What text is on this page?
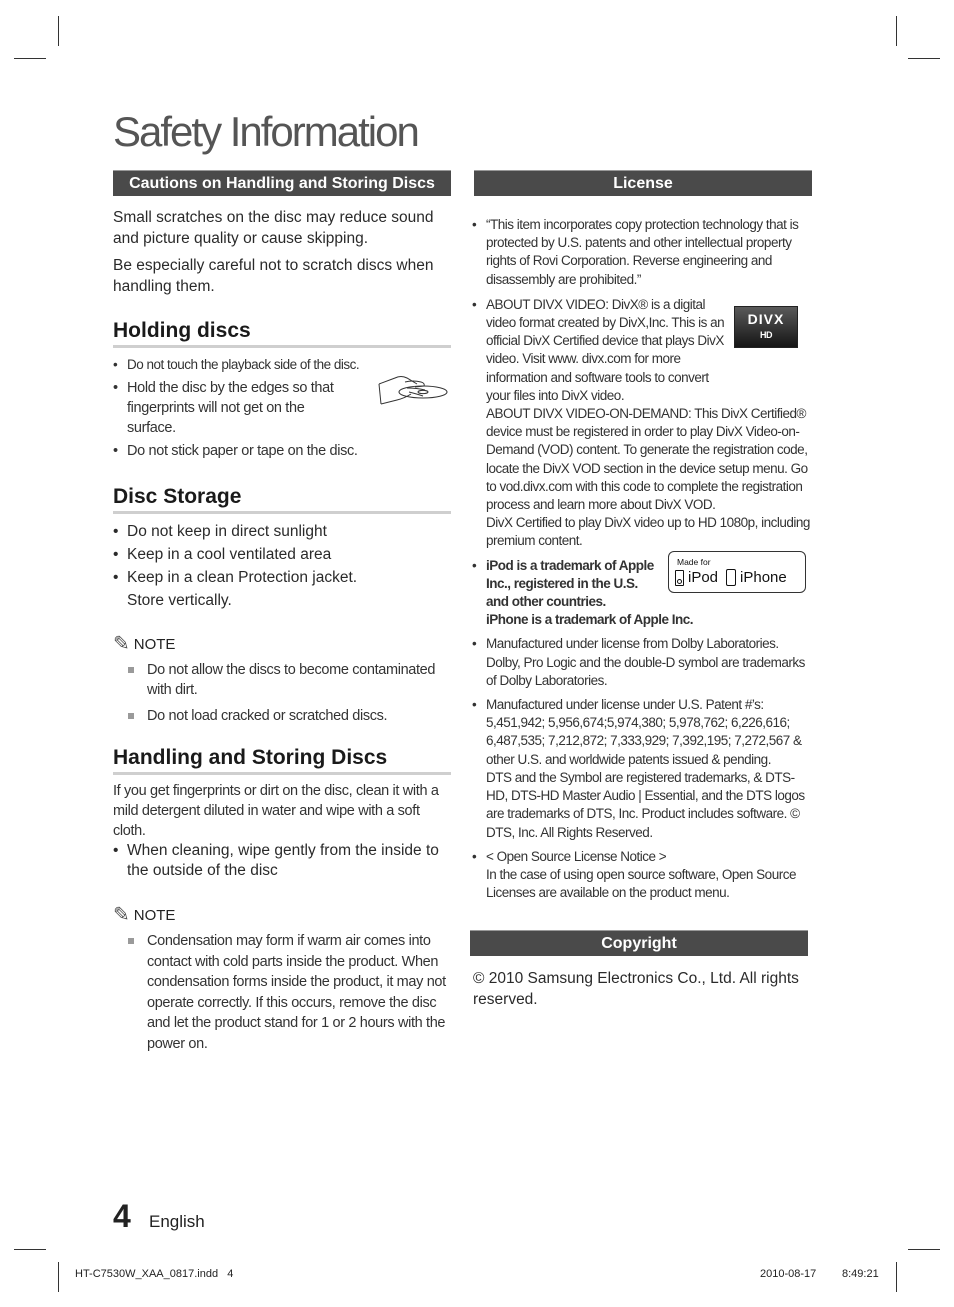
Safety Information
Cautions on Handling and Storing Discs

Small scratches on the disc may reduce sound and picture quality or cause skipping.

Be especially careful not to scratch discs when handling them.

Holding discs
• Do not touch the playback side of the disc.
• Hold the disc by the edges so that fingerprints will not get on the surface.
• Do not stick paper or tape on the disc.
Disc Storage
• Do not keep in direct sunlight
• Keep in a cool ventilated area
• Keep in a clean Protection jacket. Store vertically.
✎ NOTE
Do not allow the discs to become contaminated with dirt.
Do not load cracked or scratched discs.
Handling and Storing Discs

If you get fingerprints or dirt on the disc, clean it with a mild detergent diluted in water and wipe with a soft cloth.

• When cleaning, wipe gently from the inside to the outside of the disc
✎ NOTE
Condensation may form if warm air comes into contact with cold parts inside the product. When condensation forms inside the product, it may not operate correctly. If this occurs, remove the disc and let the product stand for 1 or 2 hours with the power on.
License
• “This item incorporates copy protection technology that is protected by U.S. patents and other intellectual property rights of Rovi Corporation. Reverse engineering and disassembly are prohibited.”
• ABOUT DIVX VIDEO: DivX® is a digital video format created by DivX,Inc. This is an official DivX Certified device that plays DivX video. Visit www. divx.com for more information and software tools to convert your files into DivX video.
DIVX
HD
ABOUT DIVX VIDEO-ON-DEMAND: This DivX Certified® device must be registered in order to play DivX Video-on-Demand (VOD) content. To generate the registration code, locate the DivX VOD section in the device setup menu. Go to vod.divx.com with this code to complete the registration process and learn more about DivX VOD.
DivX Certified to play DivX video up to HD 1080p, including premium content.
• iPod is a trademark of Apple Inc., registered in the U.S. and other countries.
iPhone is a trademark of Apple Inc.
Made for
iPod iPhone
• Manufactured under license from Dolby Laboratories. Dolby, Pro Logic and the double-D symbol are trademarks of Dolby Laboratories.
• Manufactured under license under U.S. Patent #’s: 5,451,942; 5,956,674;5,974,380; 5,978,762; 6,226,616; 6,487,535; 7,212,872; 7,333,929; 7,392,195; 7,272,567 & other U.S. and worldwide patents issued & pending.
DTS and the Symbol are registered trademarks, & DTS-HD, DTS-HD Master Audio | Essential, and the DTS logos are trademarks of DTS, Inc. Product includes software. © DTS, Inc. All Rights Reserved.
• < Open Source License Notice >
In the case of using open source software, Open Source Licenses are available on the product menu.
Copyright

© 2010 Samsung Electronics Co., Ltd. All rights reserved.

4 English
HT-C7530W_XAA_0817.indd   4	2010-08-17 8:49:21
